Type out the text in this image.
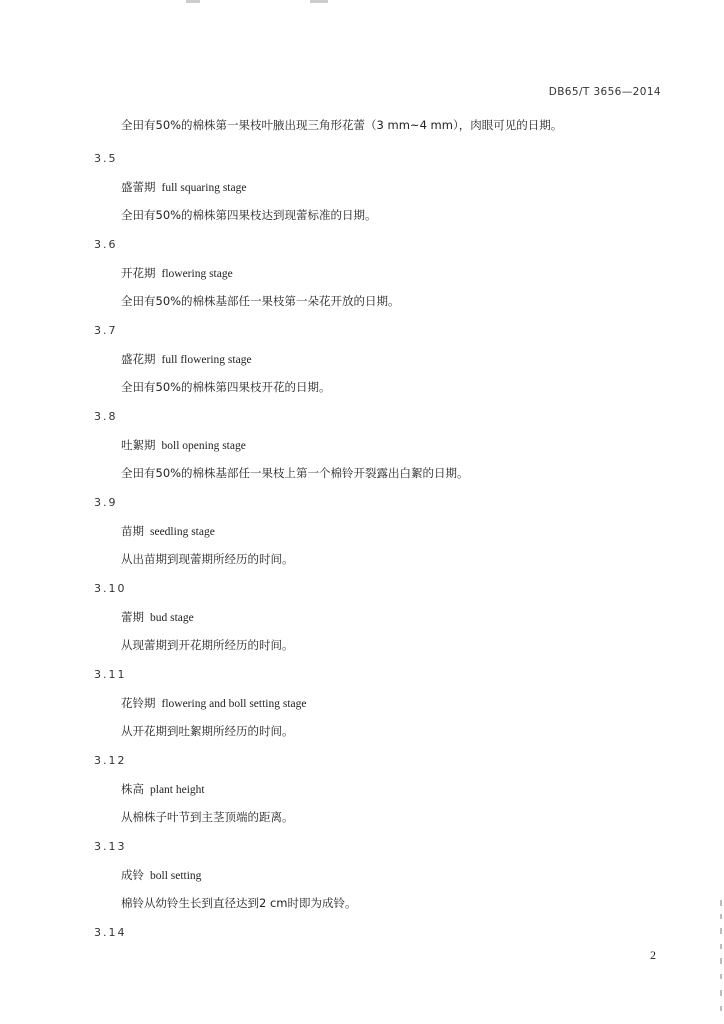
DB65/T 3656—2014
全田有50%的棉株第一果枝叶腋出现三角形花蕾（3 mm~4 mm），肉眼可见的日期。
3.5
盛蕾期 full squaring stage
全田有50%的棉株第四果枝达到现蕾标准的日期。
3.6
开花期 flowering stage
全田有50%的棉株基部任一果枝第一朵花开放的日期。
3.7
盛花期 full flowering stage
全田有50%的棉株第四果枝开花的日期。
3.8
吐絮期 boll opening stage
全田有50%的棉株基部任一果枝上第一个棉铃开裂露出白絮的日期。
3.9
苗期 seedling stage
从出苗期到现蕾期所经历的时间。
3.10
蕾期 bud stage
从现蕾期到开花期所经历的时间。
3.11
花铃期 flowering and boll setting stage
从开花期到吐絮期所经历的时间。
3.12
株高 plant height
从棉株子叶节到主茎顶端的距离。
3.13
成铃 boll setting
棉铃从幼铃生长到直径达到2 cm时即为成铃。
3.14
2
